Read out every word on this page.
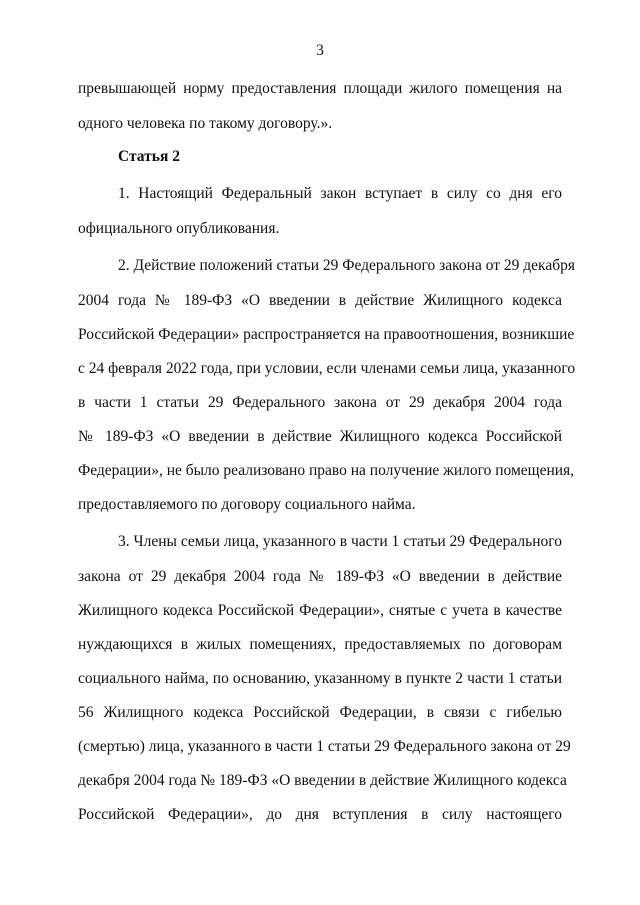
3
превышающей норму предоставления площади жилого помещения на
одного человека по такому договору.».
Статья 2
1. Настоящий Федеральный закон вступает в силу со дня его
официального опубликования.
2. Действие положений статьи 29 Федерального закона от 29 декабря
2004 года № 189-ФЗ «О введении в действие Жилищного кодекса
Российской Федерации» распространяется на правоотношения, возникшие
с 24 февраля 2022 года, при условии, если членами семьи лица, указанного
в части 1 статьи 29 Федерального закона от 29 декабря 2004 года
№ 189-ФЗ «О введении в действие Жилищного кодекса Российской
Федерации», не было реализовано право на получение жилого помещения,
предоставляемого по договору социального найма.
3. Члены семьи лица, указанного в части 1 статьи 29 Федерального
закона от 29 декабря 2004 года № 189-ФЗ «О введении в действие
Жилищного кодекса Российской Федерации», снятые с учета в качестве
нуждающихся в жилых помещениях, предоставляемых по договорам
социального найма, по основанию, указанному в пункте 2 части 1 статьи
56 Жилищного кодекса Российской Федерации, в связи с гибелью
(смертью) лица, указанного в части 1 статьи 29 Федерального закона от 29
декабря 2004 года № 189-ФЗ «О введении в действие Жилищного кодекса
Российской Федерации», до дня вступления в силу настоящего
